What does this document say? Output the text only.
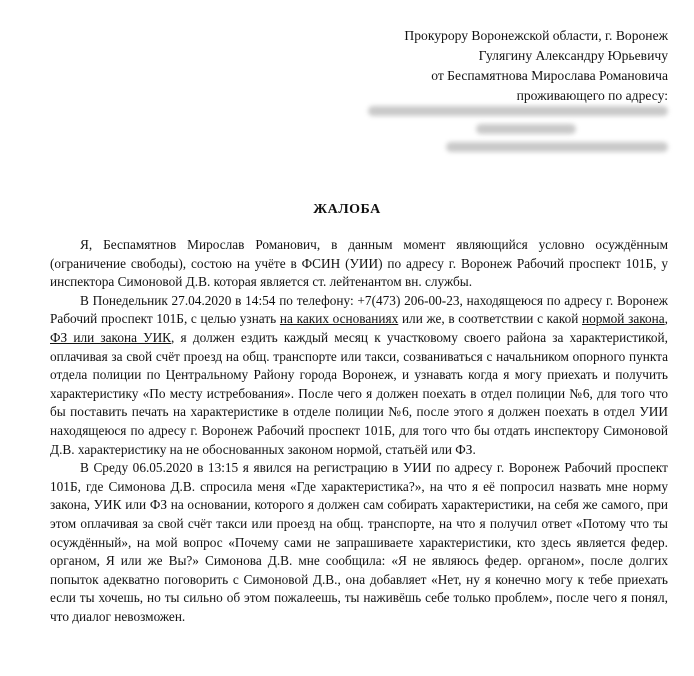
Прокурору Воронежской области, г. Воронеж
Гулягину Александру Юрьевичу
от Беспамятнова Мирослава Романовича
проживающего по адресу:
ЖАЛОБА

Я, Беспамятнов Мирослав Романович, в данным момент являющийся условно осуждённым (ограничение свободы), состою на учёте в ФСИН (УИИ) по адресу г. Воронеж Рабочий проспект 101Б, у инспектора Симоновой Д.В. которая является ст. лейтенантом вн. службы.

В Понедельник 27.04.2020 в 14:54 по телефону: +7(473) 206-00-23, находящеюся по адресу г. Воронеж Рабочий проспект 101Б, с целью узнать на каких основаниях или же, в соответствии с какой нормой закона, ФЗ или закона УИК, я должен ездить каждый месяц к участковому своего района за характеристикой, оплачивая за свой счёт проезд на общ. транспорте или такси, созваниваться с начальником опорного пункта отдела полиции по Центральному Району города Воронеж, и узнавать когда я могу приехать и получить характеристику «По месту истребования». После чего я должен поехать в отдел полиции №6, для того что бы поставить печать на характеристике в отделе полиции №6, после этого я должен поехать в отдел УИИ находящеюся по адресу г. Воронеж Рабочий проспект 101Б, для того что бы отдать инспектору Симоновой Д.В. характеристику на не обоснованных законом нормой, статьёй или ФЗ.

В Среду 06.05.2020 в 13:15 я явился на регистрацию в УИИ по адресу г. Воронеж Рабочий проспект 101Б, где Симонова Д.В. спросила меня «Где характеристика?», на что я её попросил назвать мне норму закона, УИК или ФЗ на основании, которого я должен сам собирать характеристики, на себя же самого, при этом оплачивая за свой счёт такси или проезд на общ. транспорте, на что я получил ответ «Потому что ты осуждённый», на мой вопрос «Почему сами не запрашиваете характеристики, кто здесь является федер. органом, Я или же Вы?» Симонова Д.В. мне сообщила: «Я не являюсь федер. органом», после долгих попыток адекватно поговорить с Симоновой Д.В., она добавляет «Нет, ну я конечно могу к тебе приехать если ты хочешь, но ты сильно об этом пожалеешь, ты наживёшь себе только проблем», после чего я понял, что диалог невозможен.
